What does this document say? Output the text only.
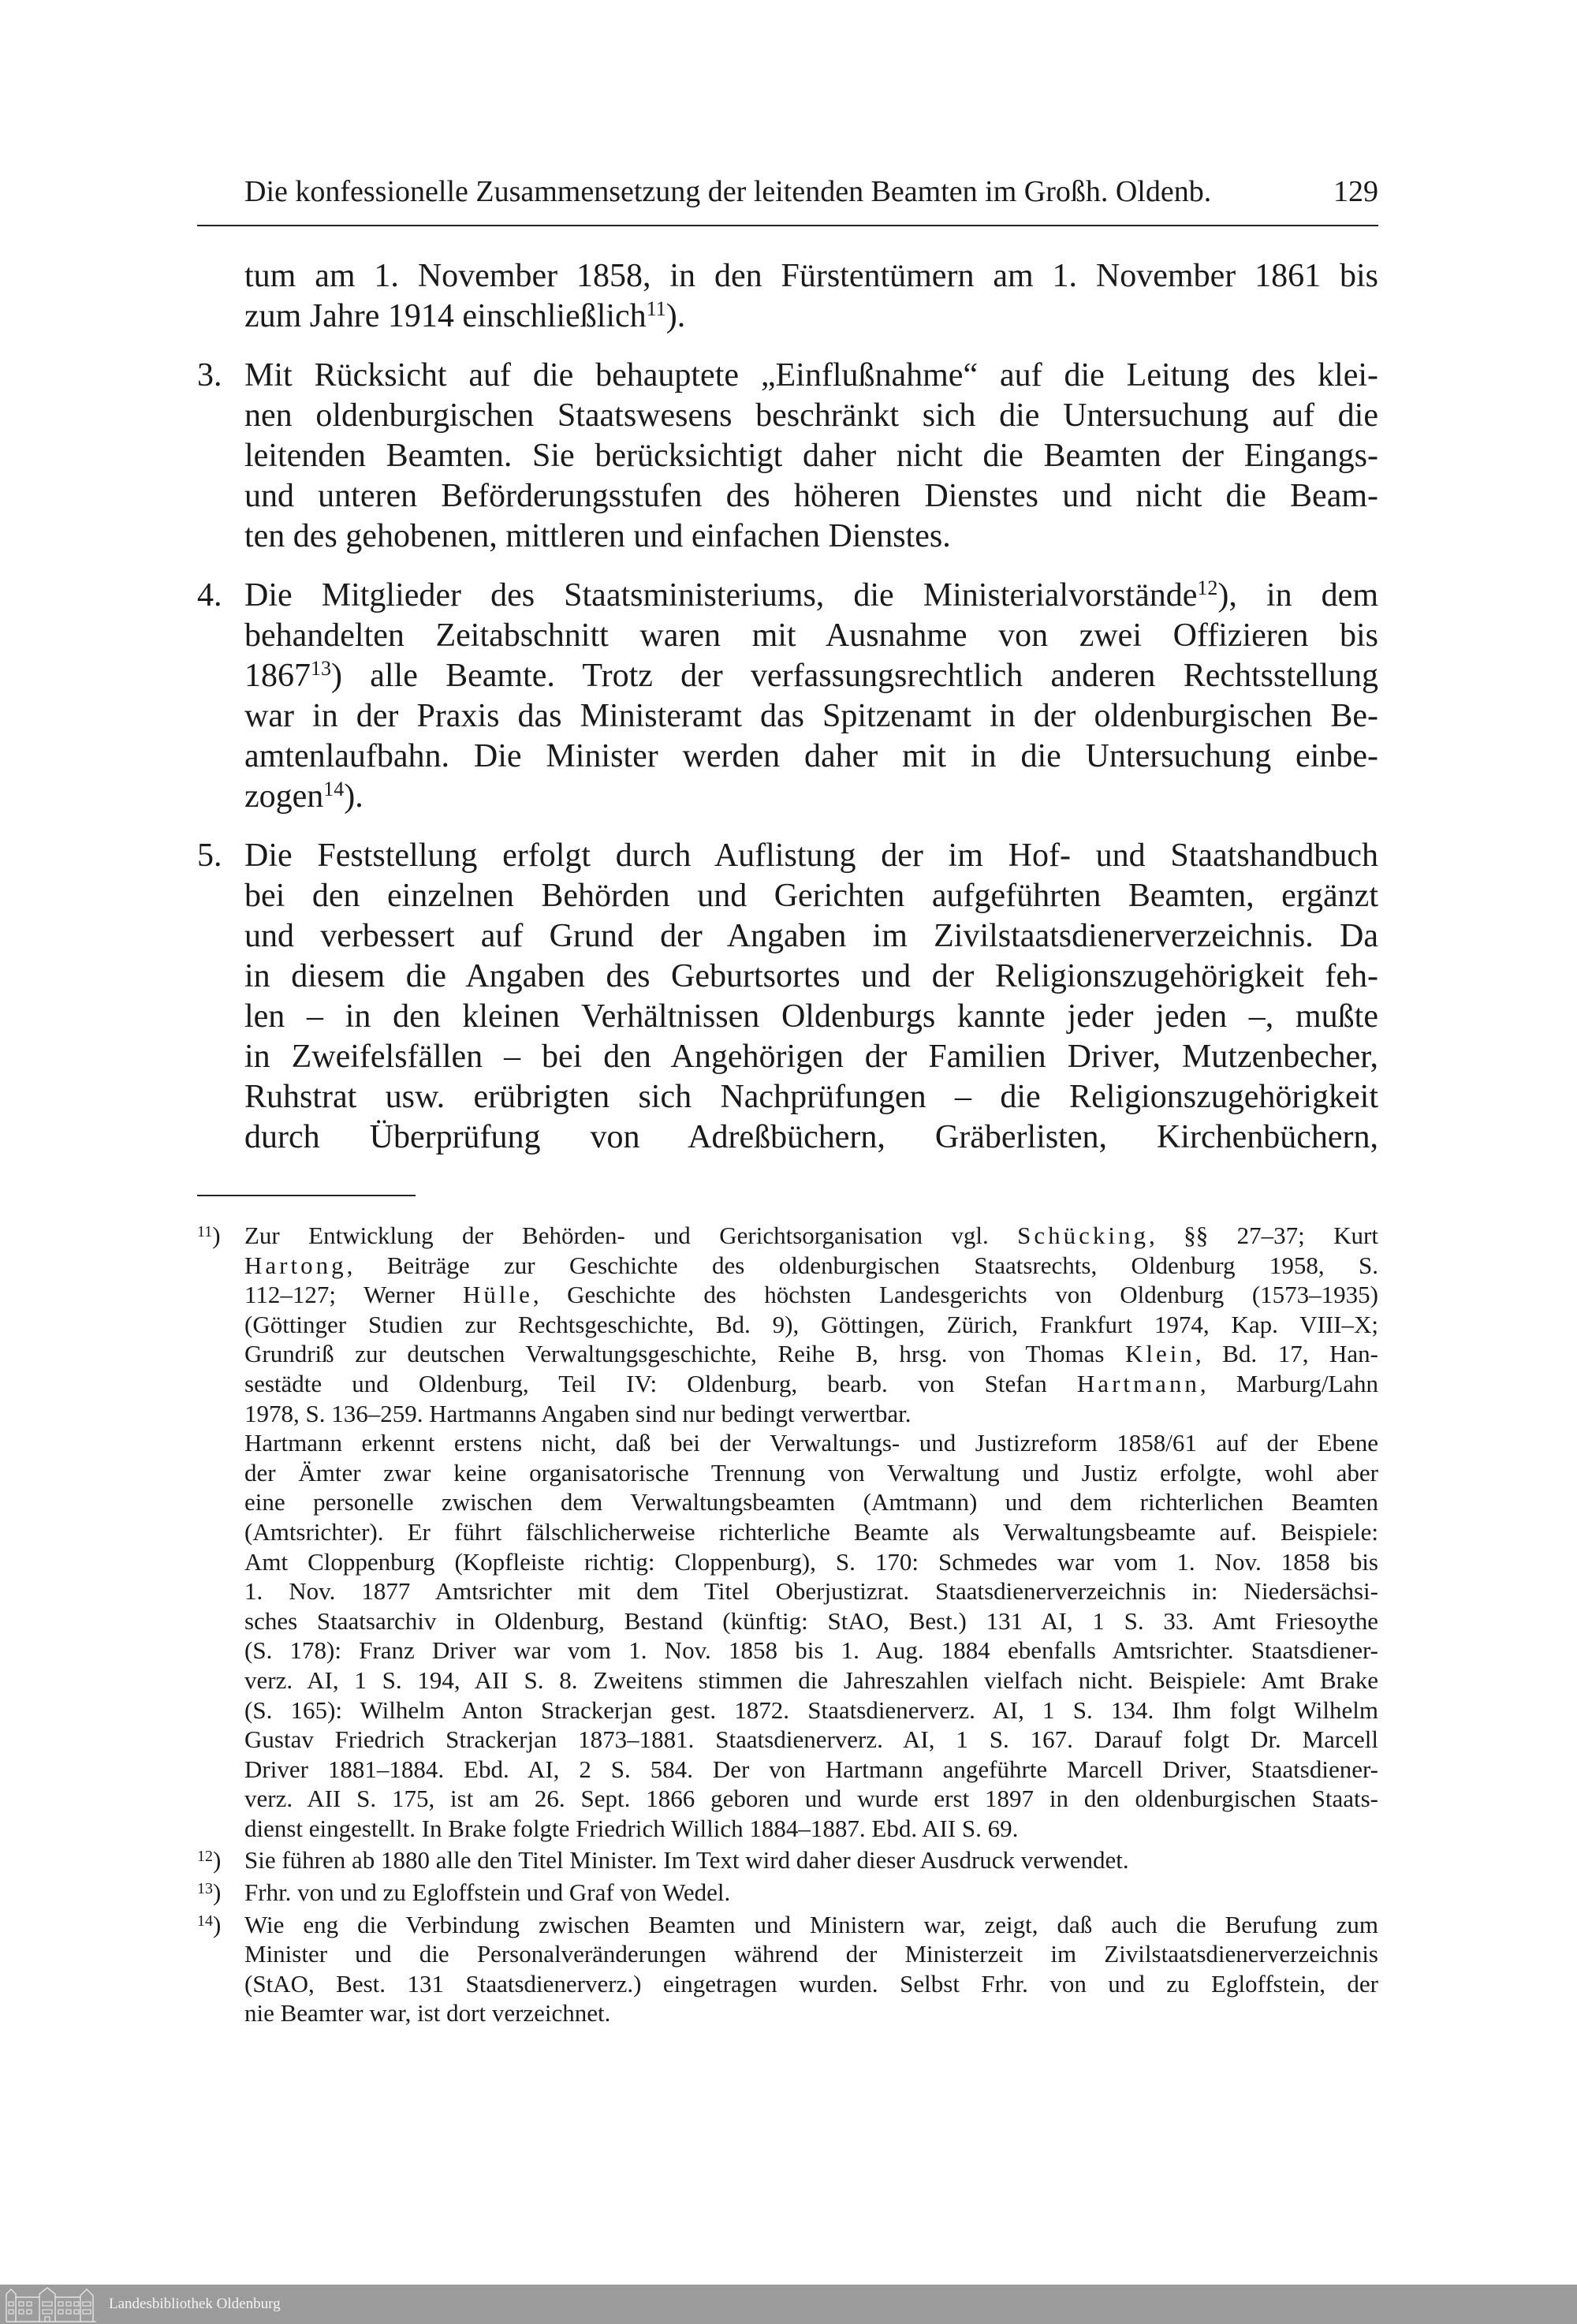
Die konfessionelle Zusammensetzung der leitenden Beamten im Großh. Oldenb.	129
tum am 1. November 1858, in den Fürstentümern am 1. November 1861 bis
zum Jahre 1914 einschließlich$^{11}$).
3. Mit Rücksicht auf die behauptete „Einflußnahme“ auf die Leitung des klei-
nen oldenburgischen Staatswesens beschränkt sich die Untersuchung auf die
leitenden Beamten. Sie berücksichtigt daher nicht die Beamten der Eingangs-
und unteren Beförderungsstufen des höheren Dienstes und nicht die Beam-
ten des gehobenen, mittleren und einfachen Dienstes.
4. Die Mitglieder des Staatsministeriums, die Ministerialvorstände$^{12}$), in dem
behandelten Zeitabschnitt waren mit Ausnahme von zwei Offizieren bis
1867$^{13}$) alle Beamte. Trotz der verfassungsrechtlich anderen Rechtsstellung
war in der Praxis das Ministeramt das Spitzenamt in der oldenburgischen Be-
amtenlaufbahn. Die Minister werden daher mit in die Untersuchung einbe-
zogen$^{14}$).
5. Die Feststellung erfolgt durch Auflistung der im Hof- und Staatshandbuch
bei den einzelnen Behörden und Gerichten aufgeführten Beamten, ergänzt
und verbessert auf Grund der Angaben im Zivilstaatsdienerverzeichnis. Da
in diesem die Angaben des Geburtsortes und der Religionszugehörigkeit feh-
len – in den kleinen Verhältnissen Oldenburgs kannte jeder jeden –, mußte
in Zweifelsfällen – bei den Angehörigen der Familien Driver, Mutzenbecher,
Ruhstrat usw. erübrigten sich Nachprüfungen – die Religionszugehörigkeit
durch Überprüfung von Adreßbüchern, Gräberlisten, Kirchenbüchern,
$^{11}$) Zur Entwicklung der Behörden- und Gerichtsorganisation vgl. Schücking, §§ 27–37; Kurt
Hartong, Beiträge zur Geschichte des oldenburgischen Staatsrechts, Oldenburg 1958, S.
112–127; Werner Hülle, Geschichte des höchsten Landesgerichts von Oldenburg (1573–1935)
(Göttinger Studien zur Rechtsgeschichte, Bd. 9), Göttingen, Zürich, Frankfurt 1974, Kap. VIII–X;
Grundriß zur deutschen Verwaltungsgeschichte, Reihe B, hrsg. von Thomas Klein, Bd. 17, Han-
sestädte und Oldenburg, Teil IV: Oldenburg, bearb. von Stefan Hartmann, Marburg/Lahn
1978, S. 136–259. Hartmanns Angaben sind nur bedingt verwertbar.
Hartmann erkennt erstens nicht, daß bei der Verwaltungs- und Justizreform 1858/61 auf der Ebene
der Ämter zwar keine organisatorische Trennung von Verwaltung und Justiz erfolgte, wohl aber
eine personelle zwischen dem Verwaltungsbeamten (Amtmann) und dem richterlichen Beamten
(Amtsrichter). Er führt fälschlicherweise richterliche Beamte als Verwaltungsbeamte auf. Beispiele:
Amt Cloppenburg (Kopfleiste richtig: Cloppenburg), S. 170: Schmedes war vom 1. Nov. 1858 bis
1. Nov. 1877 Amtsrichter mit dem Titel Oberjustizrat. Staatsdienerverzeichnis in: Niedersächsi-
sches Staatsarchiv in Oldenburg, Bestand (künftig: StAO, Best.) 131 AI, 1 S. 33. Amt Friesoythe
(S. 178): Franz Driver war vom 1. Nov. 1858 bis 1. Aug. 1884 ebenfalls Amtsrichter. Staatsdiener-
verz. AI, 1 S. 194, AII S. 8. Zweitens stimmen die Jahreszahlen vielfach nicht. Beispiele: Amt Brake
(S. 165): Wilhelm Anton Strackerjan gest. 1872. Staatsdienerverz. AI, 1 S. 134. Ihm folgt Wilhelm
Gustav Friedrich Strackerjan 1873–1881. Staatsdienerverz. AI, 1 S. 167. Darauf folgt Dr. Marcell
Driver 1881–1884. Ebd. AI, 2 S. 584. Der von Hartmann angeführte Marcell Driver, Staatsdiener-
verz. AII S. 175, ist am 26. Sept. 1866 geboren und wurde erst 1897 in den oldenburgischen Staats-
dienst eingestellt. In Brake folgte Friedrich Willich 1884–1887. Ebd. AII S. 69.
$^{12}$) Sie führen ab 1880 alle den Titel Minister. Im Text wird daher dieser Ausdruck verwendet.
$^{13}$) Frhr. von und zu Egloffstein und Graf von Wedel.
$^{14}$) Wie eng die Verbindung zwischen Beamten und Ministern war, zeigt, daß auch die Berufung zum
Minister und die Personalveränderungen während der Ministerzeit im Zivilstaatsdienerverzeichnis
(StAO, Best. 131 Staatsdienerverz.) eingetragen wurden. Selbst Frhr. von und zu Egloffstein, der
nie Beamter war, ist dort verzeichnet.
Landesbibliothek Oldenburg
